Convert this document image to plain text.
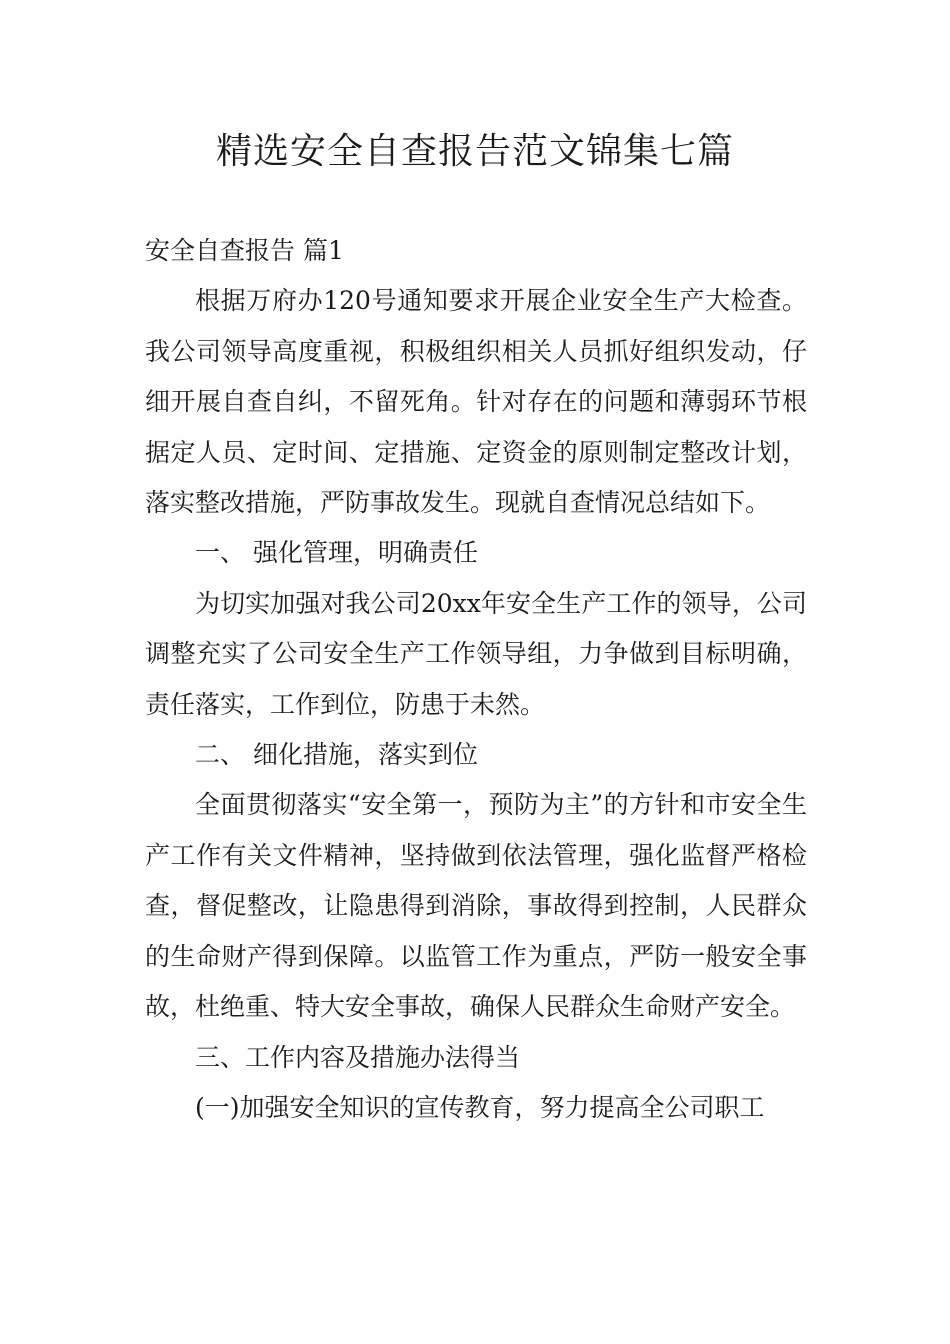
精选安全自查报告范文锦集七篇

安全自查报告 篇1

根据万府办120号通知要求开展企业安全生产大检查。我公司领导高度重视，积极组织相关人员抓好组织发动，仔细开展自查自纠，不留死角。针对存在的问题和薄弱环节根据定人员、定时间、定措施、定资金的原则制定整改计划，落实整改措施，严防事故发生。现就自查情况总结如下。

一、 强化管理，明确责任

为切实加强对我公司20xx年安全生产工作的领导，公司调整充实了公司安全生产工作领导组，力争做到目标明确，责任落实，工作到位，防患于未然。

二、 细化措施，落实到位

全面贯彻落实“安全第一，预防为主”的方针和市安全生产工作有关文件精神，坚持做到依法管理，强化监督严格检查，督促整改，让隐患得到消除，事故得到控制，人民群众的生命财产得到保障。以监管工作为重点，严防一般安全事故，杜绝重、特大安全事故，确保人民群众生命财产安全。

三、工作内容及措施办法得当

(一)加强安全知识的宣传教育，努力提高全公司职工
